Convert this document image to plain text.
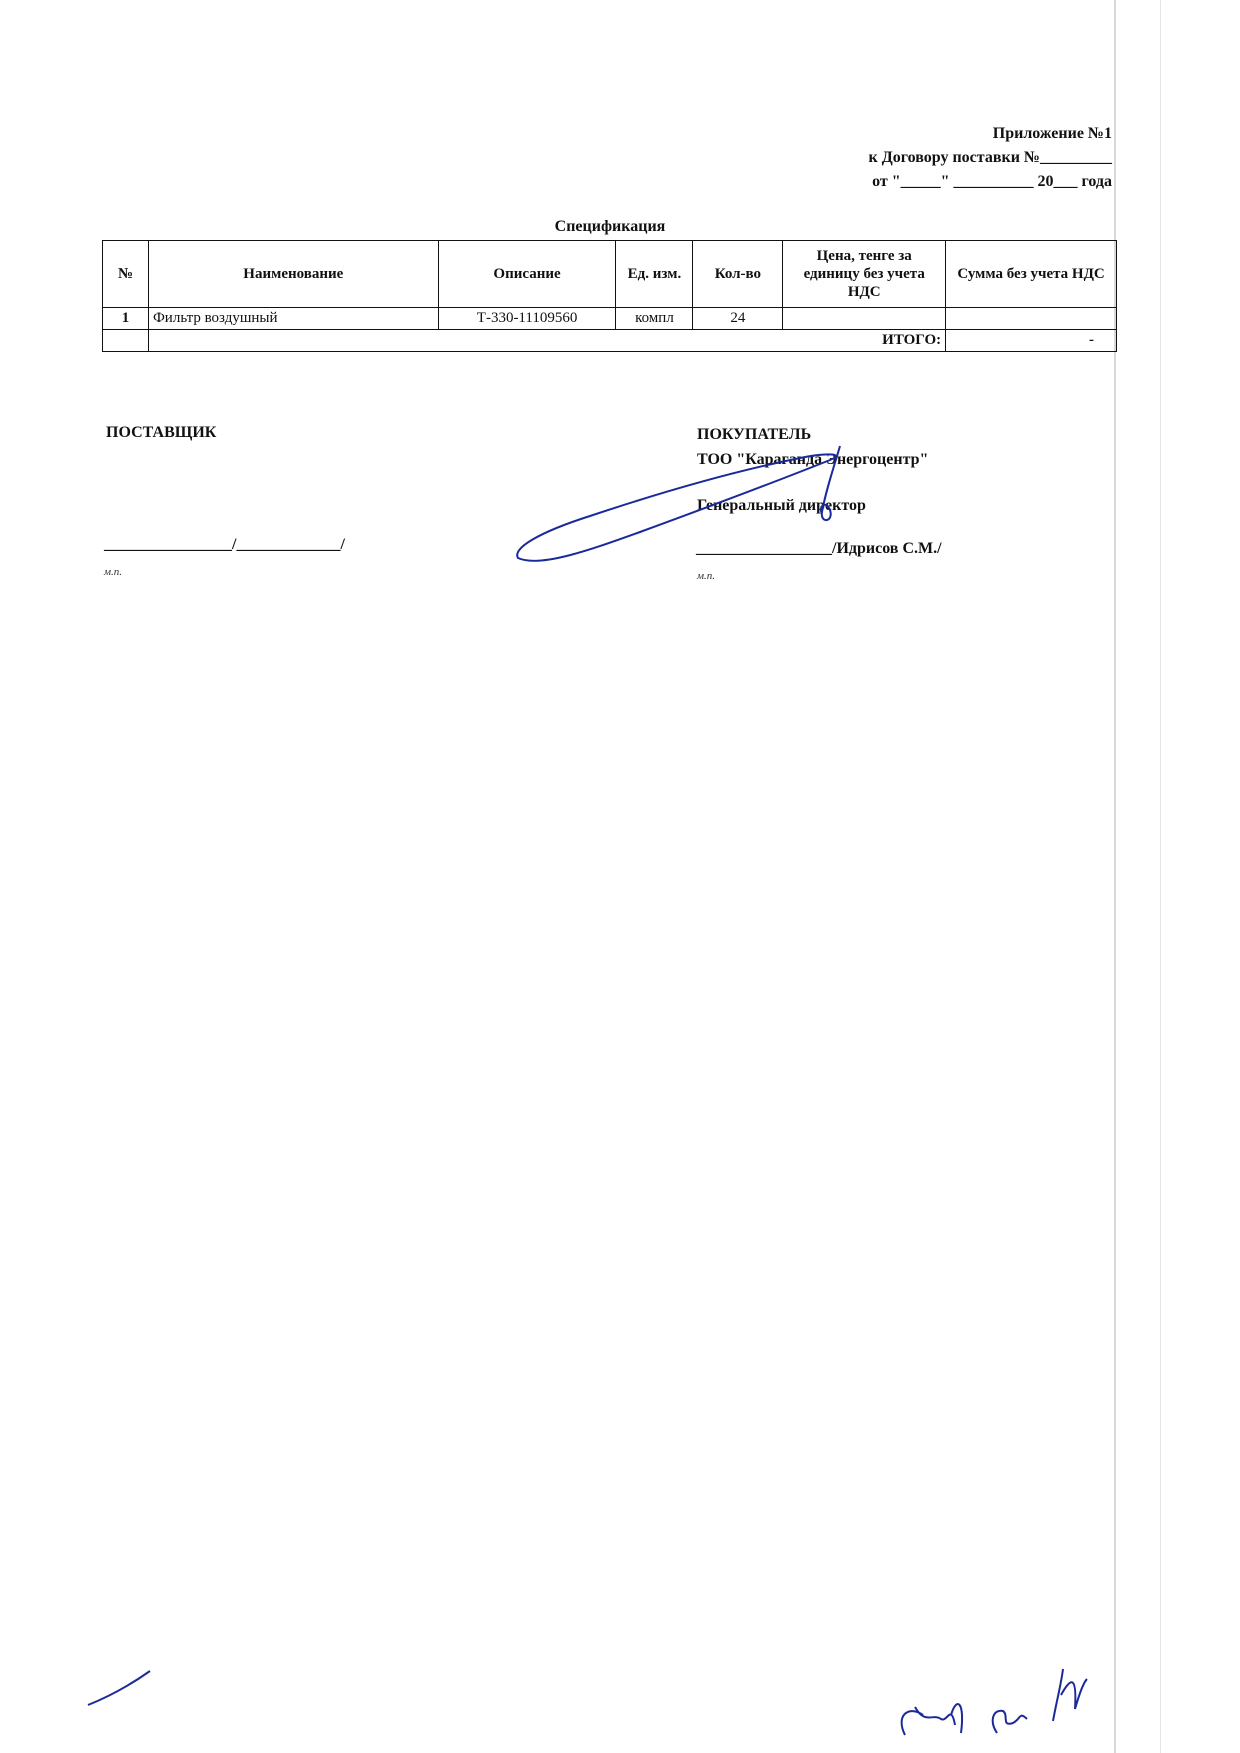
Приложение №1
к Договору поставки №_________
от "_____" __________ 20___ года
Спецификация
№	Наименование	Описание	Ед. изм.	Кол-во	Цена, тенге за единицу без учета НДС	Сумма без учета НДС
1	Фильтр воздушный	Т-330-11109560	компл	24		
	ИТОГО:					-
ПОСТАВЩИК
________________/_____________/
м.п.
ПОКУПАТЕЛЬ
ТОО "Караганда Энергоцентр"
Генеральный директор
_________________/Идрисов С.М./
м.п.
